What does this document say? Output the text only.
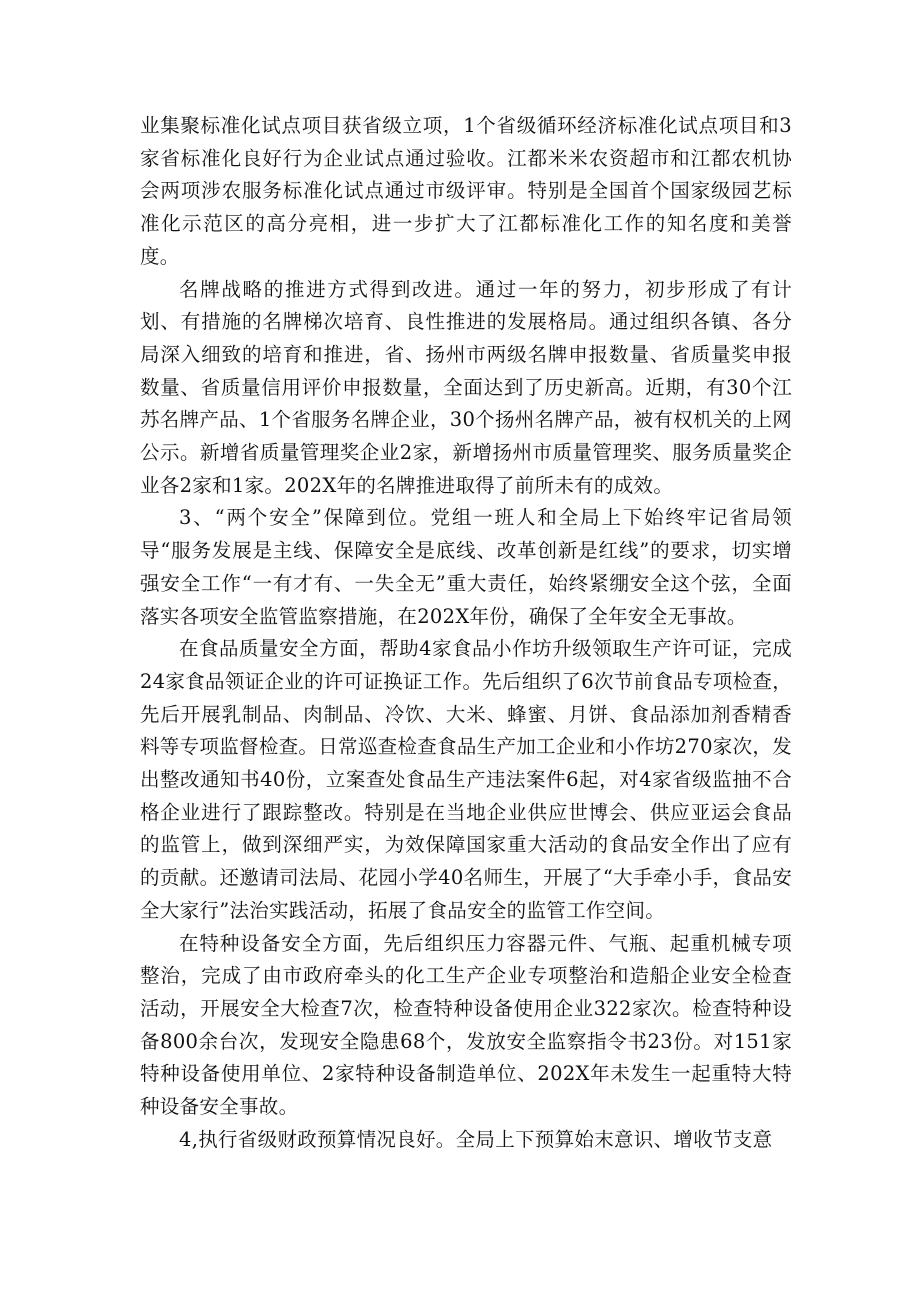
业集聚标准化试点项目获省级立项，1个省级循环经济标准化试点项目和3家省标准化良好行为企业试点通过验收。江都米米农资超市和江都农机协会两项涉农服务标准化试点通过市级评审。特别是全国首个国家级园艺标准化示范区的高分亮相，进一步扩大了江都标准化工作的知名度和美誉度。

名牌战略的推进方式得到改进。通过一年的努力，初步形成了有计划、有措施的名牌梯次培育、良性推进的发展格局。通过组织各镇、各分局深入细致的培育和推进，省、扬州市两级名牌申报数量、省质量奖申报数量、省质量信用评价申报数量，全面达到了历史新高。近期，有30个江苏名牌产品、1个省服务名牌企业，30个扬州名牌产品，被有权机关的上网公示。新增省质量管理奖企业2家，新增扬州市质量管理奖、服务质量奖企业各2家和1家。202X年的名牌推进取得了前所未有的成效。

3、“两个安全”保障到位。党组一班人和全局上下始终牢记省局领导“服务发展是主线、保障安全是底线、改革创新是红线”的要求，切实增强安全工作“一有才有、一失全无”重大责任，始终紧绷安全这个弦，全面落实各项安全监管监察措施，在202X年份，确保了全年安全无事故。

在食品质量安全方面，帮助4家食品小作坊升级领取生产许可证，完成24家食品领证企业的许可证换证工作。先后组织了6次节前食品专项检查，先后开展乳制品、肉制品、冷饮、大米、蜂蜜、月饼、食品添加剂香精香料等专项监督检查。日常巡查检查食品生产加工企业和小作坊270家次，发出整改通知书40份，立案查处食品生产违法案件6起，对4家省级监抽不合格企业进行了跟踪整改。特别是在当地企业供应世博会、供应亚运会食品的监管上，做到深细严实，为效保障国家重大活动的食品安全作出了应有的贡献。还邀请司法局、花园小学40名师生，开展了“大手牵小手，食品安全大家行”法治实践活动，拓展了食品安全的监管工作空间。

在特种设备安全方面，先后组织压力容器元件、气瓶、起重机械专项整治，完成了由市政府牵头的化工生产企业专项整治和造船企业安全检查活动，开展安全大检查7次，检查特种设备使用企业322家次。检查特种设备800余台次，发现安全隐患68个，发放安全监察指令书23份。对151家特种设备使用单位、2家特种设备制造单位、202X年未发生一起重特大特种设备安全事故。

4,执行省级财政预算情况良好。全局上下预算始末意识、增收节支意
